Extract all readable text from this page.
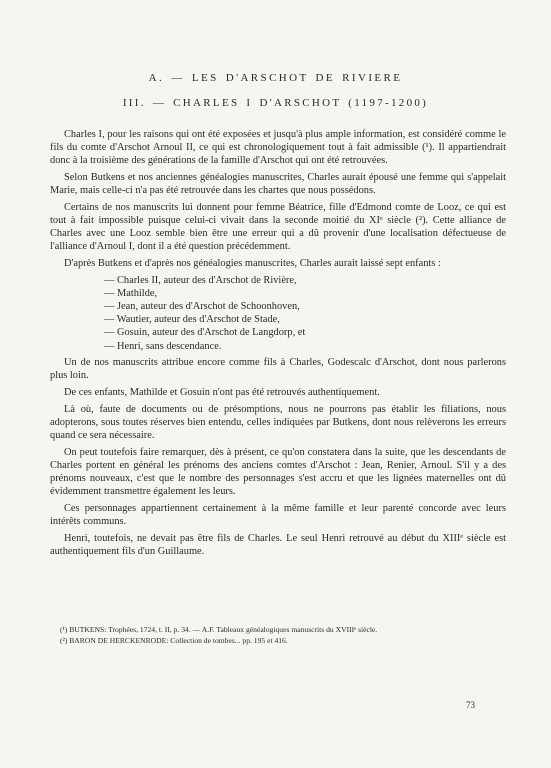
A. — LES D'ARSCHOT DE RIVIERE
III. — CHARLES I D'ARSCHOT (1197-1200)

Charles I, pour les raisons qui ont été exposées et jusqu'à plus ample information, est considéré comme le fils du comte d'Arschot Arnoul II, ce qui est chronologiquement tout à fait admissible (¹). Il appartiendrait donc à la troisième des générations de la famille d'Arschot qui ont été retrouvées.

Selon Butkens et nos anciennes généalogies manuscrites, Charles aurait épousé une femme qui s'appelait Marie, mais celle-ci n'a pas été retrouvée dans les chartes que nous possédons.

Certains de nos manuscrits lui donnent pour femme Béatrice, fille d'Edmond comte de Looz, ce qui est tout à fait impossible puisque celui-ci vivait dans la seconde moitié du XIᵉ siècle (²). Cette alliance de Charles avec une Looz semble bien être une erreur qui a dû provenir d'une localisation défectueuse de l'alliance d'Arnoul I, dont il a été question précédemment.

D'après Butkens et d'après nos généalogies manuscrites, Charles aurait laissé sept enfants :

— Charles II, auteur des d'Arschot de Rivière,
— Mathilde,
— Jean, auteur des d'Arschot de Schoonhoven,
— Wautier, auteur des d'Arschot de Stade,
— Gosuin, auteur des d'Arschot de Langdorp, et
— Henri, sans descendance.

Un de nos manuscrits attribue encore comme fils à Charles, Godescalc d'Arschot, dont nous parlerons plus loin.

De ces enfants, Mathilde et Gosuin n'ont pas été retrouvés authentiquement.

Là où, faute de documents ou de présomptions, nous ne pourrons pas établir les filiations, nous adopterons, sous toutes réserves bien entendu, celles indiquées par Butkens, dont nous relèverons les erreurs quand ce sera nécessaire.

On peut toutefois faire remarquer, dès à présent, ce qu'on constatera dans la suite, que les descendants de Charles portent en général les prénoms des anciens comtes d'Arschot : Jean, Renier, Arnoul. S'il y a des prénoms nouveaux, c'est que le nombre des personnages s'est accru et que les lignées maternelles ont dû évidemment transmettre également les leurs.

Ces personnages appartiennent certainement à la même famille et leur parenté concorde avec leurs intérêts communs.

Henri, toutefois, ne devait pas être fils de Charles. Le seul Henri retrouvé au début du XIIIᵉ siècle est authentiquement fils d'un Guillaume.

(¹) BUTKENS: Trophées, 1724, t. II, p. 34. — A.F. Tableaux généalogiques manuscrits du XVIIIᵉ siècle.
(²) BARON DE HERCKENRODE: Collection de tombes... pp. 195 et 416.
73
